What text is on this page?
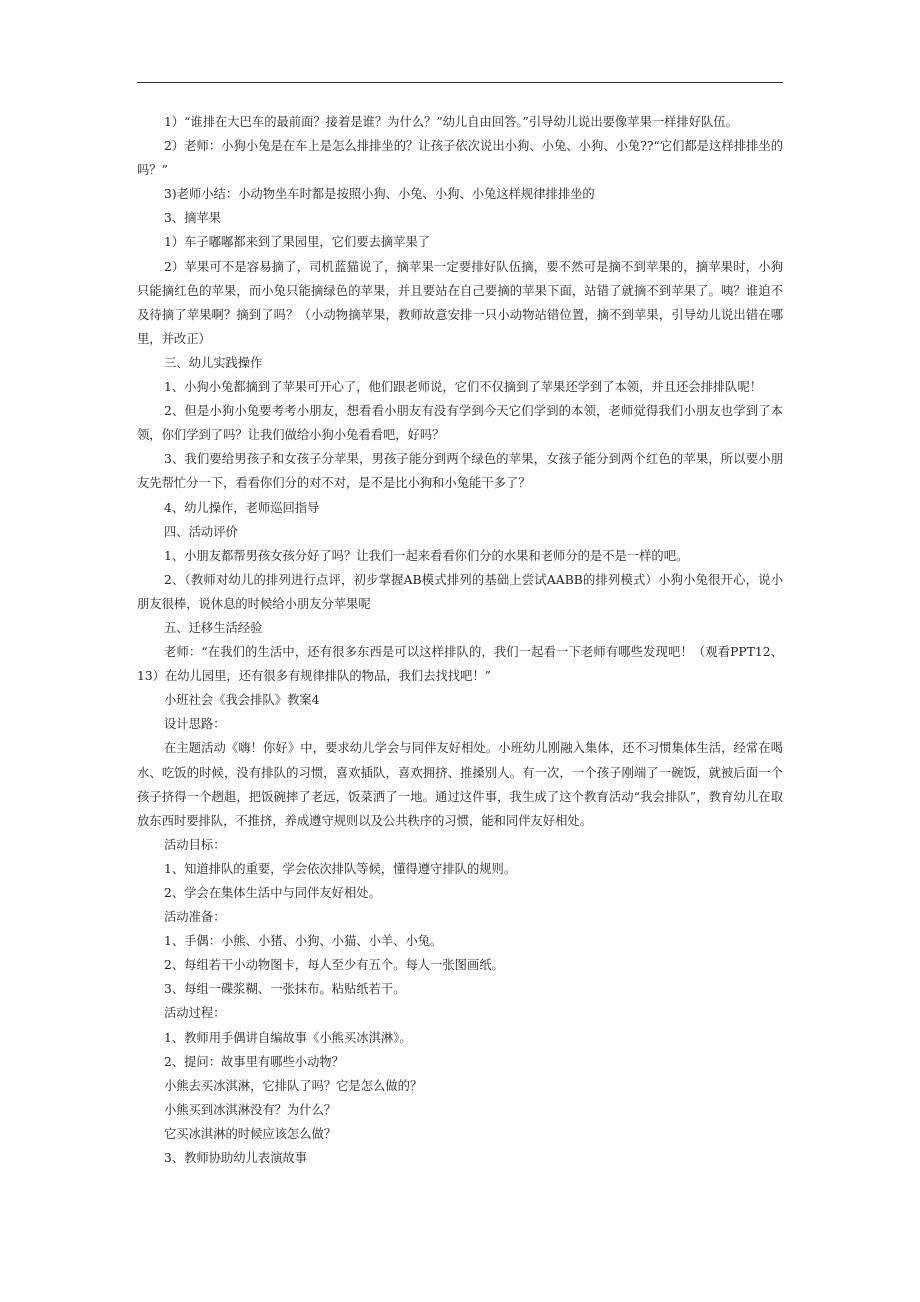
1）“谁排在大巴车的最前面？接着是谁？为什么？”幼儿自由回答。”引导幼儿说出要像苹果一样排好队伍。

2）老师：小狗小兔是在车上是怎么排排坐的？让孩子依次说出小狗、小兔、小狗、小兔??“它们都是这样排排坐的吗？”

3)老师小结：小动物坐车时都是按照小狗、小兔、小狗、小兔这样规律排排坐的

3、摘苹果

1）车子嘟嘟都来到了果园里，它们要去摘苹果了

2）苹果可不是容易摘了，司机蓝猫说了，摘苹果一定要排好队伍摘，要不然可是摘不到苹果的，摘苹果时，小狗只能摘红色的苹果，而小兔只能摘绿色的苹果，并且要站在自己要摘的苹果下面，站错了就摘不到苹果了。咦？谁迫不及待摘了苹果啊？摘到了吗？（小动物摘苹果，教师故意安排一只小动物站错位置，摘不到苹果，引导幼儿说出错在哪里，并改正）

三、幼儿实践操作

1、小狗小兔都摘到了苹果可开心了，他们跟老师说，它们不仅摘到了苹果还学到了本领，并且还会排排队呢！

2、但是小狗小兔要考考小朋友，想看看小朋友有没有学到今天它们学到的本领，老师觉得我们小朋友也学到了本领，你们学到了吗？让我们做给小狗小兔看看吧，好吗？

3、我们要给男孩子和女孩子分苹果，男孩子能分到两个绿色的苹果，女孩子能分到两个红色的苹果，所以要小朋友先帮忙分一下，看看你们分的对不对，是不是比小狗和小兔能干多了？

4、幼儿操作，老师巡回指导

四、活动评价

1、小朋友都帮男孩女孩分好了吗？让我们一起来看看你们分的水果和老师分的是不是一样的吧。

2、（教师对幼儿的排列进行点评，初步掌握AB模式排列的基础上尝试AABB的排列模式）小狗小兔很开心，说小朋友很棒，说休息的时候给小朋友分苹果呢

五、迁移生活经验

老师：“在我们的生活中，还有很多东西是可以这样排队的，我们一起看一下老师有哪些发现吧！（观看PPT12、13）在幼儿园里，还有很多有规律排队的物品，我们去找找吧！”

小班社会《我会排队》教案4

设计思路：

在主题活动《嗨！你好》中，要求幼儿学会与同伴友好相处。小班幼儿刚融入集体，还不习惯集体生活，经常在喝水、吃饭的时候，没有排队的习惯，喜欢插队，喜欢拥挤、推搡别人。有一次，一个孩子刚端了一碗饭，就被后面一个孩子挤得一个趔趄，把饭碗摔了老远，饭菜洒了一地。通过这件事，我生成了这个教育活动“我会排队”，教育幼儿在取放东西时要排队，不推挤，养成遵守规则以及公共秩序的习惯，能和同伴友好相处。

活动目标：

1、知道排队的重要，学会依次排队等候，懂得遵守排队的规则。

2、学会在集体生活中与同伴友好相处。

活动准备：

1、手偶：小熊、小猪、小狗、小猫、小羊、小兔。

2、每组若干小动物图卡，每人至少有五个。每人一张图画纸。

3、每组一碟浆糊、一张抹布。粘贴纸若干。

活动过程：

1、教师用手偶讲自编故事《小熊买冰淇淋》。

2、提问：故事里有哪些小动物？

小熊去买冰淇淋，它排队了吗？它是怎么做的？

小熊买到冰淇淋没有？为什么？

它买冰淇淋的时候应该怎么做？

3、教师协助幼儿表演故事
